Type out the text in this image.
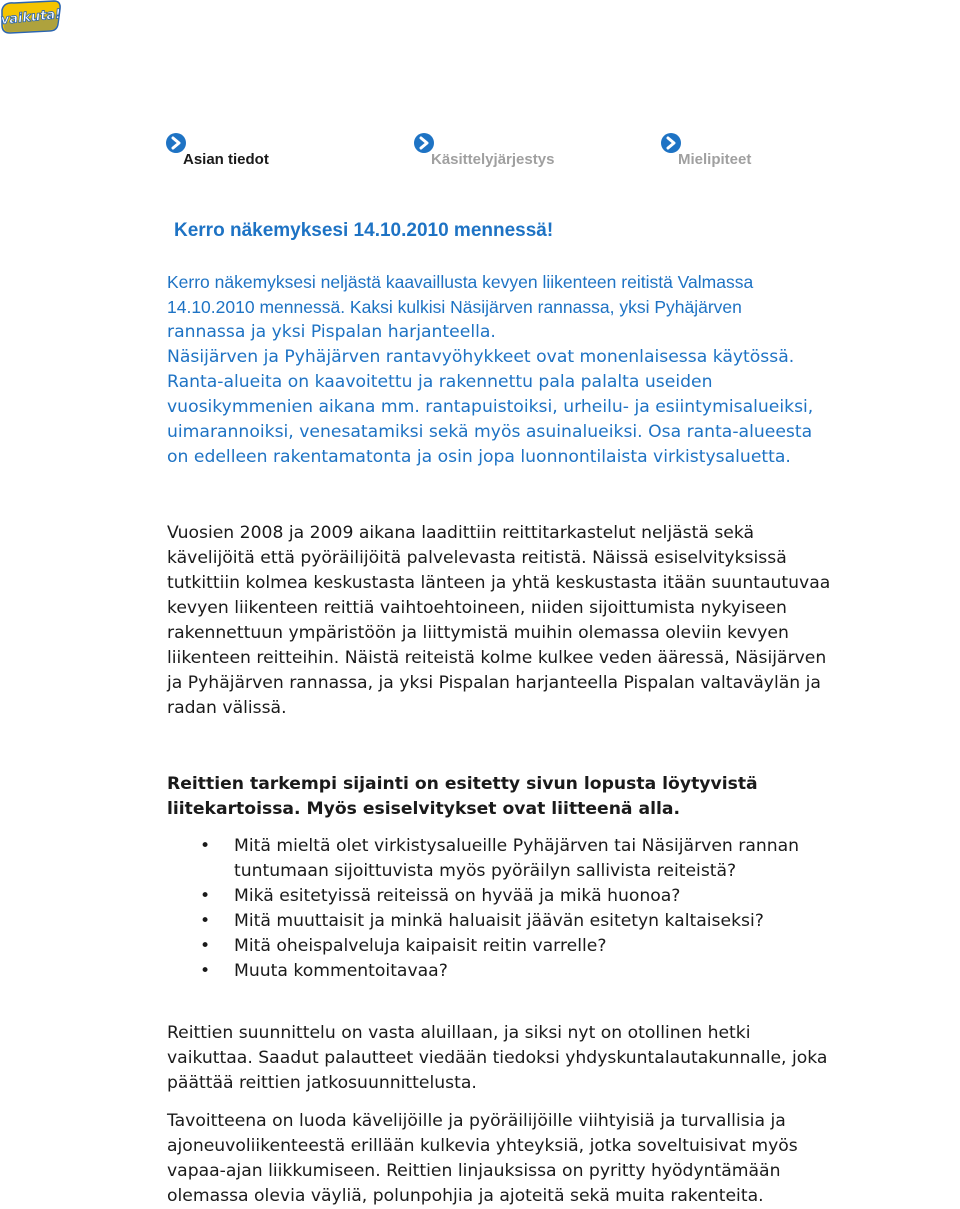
vaikuta!
Asian tiedot	Käsittelyjärjestys	Mielipiteet
Kerro näkemyksesi 14.10.2010 mennessä!
Kerro näkemyksesi neljästä kaavaillusta kevyen liikenteen reitistä Valmassa
14.10.2010 mennessä. Kaksi kulkisi Näsijärven rannassa, yksi Pyhäjärven
rannassa ja yksi Pispalan harjanteella.
Näsijärven ja Pyhäjärven rantavyöhykkeet ovat monenlaisessa käytössä.
Ranta-alueita on kaavoitettu ja rakennettu pala palalta useiden
vuosikymmenien aikana mm. rantapuistoiksi, urheilu- ja esiintymisalueiksi,
uimarannoiksi, venesatamiksi sekä myös asuinalueiksi. Osa ranta-alueesta
on edelleen rakentamatonta ja osin jopa luonnontilaista virkistysaluetta.
Vuosien 2008 ja 2009 aikana laadittiin reittitarkastelut neljästä sekä
kävelijöitä että pyöräilijöitä palvelevasta reitistä. Näissä esiselvityksissä
tutkittiin kolmea keskustasta länteen ja yhtä keskustasta itään suuntautuvaa
kevyen liikenteen reittiä vaihtoehtoineen, niiden sijoittumista nykyiseen
rakennettuun ympäristöön ja liittymistä muihin olemassa oleviin kevyen
liikenteen reitteihin. Näistä reiteistä kolme kulkee veden ääressä, Näsijärven
ja Pyhäjärven rannassa, ja yksi Pispalan harjanteella Pispalan valtaväylän ja
radan välissä.
Reittien tarkempi sijainti on esitetty sivun lopusta löytyvistä
liitekartoissa. Myös esiselvitykset ovat liitteenä alla.
• Mitä mieltä olet virkistysalueille Pyhäjärven tai Näsijärven rannan
tuntumaan sijoittuvista myös pyöräilyn sallivista reiteistä?
• Mikä esitetyissä reiteissä on hyvää ja mikä huonoa?
• Mitä muuttaisit ja minkä haluaisit jäävän esitetyn kaltaiseksi?
• Mitä oheispalveluja kaipaisit reitin varrelle?
• Muuta kommentoitavaa?
Reittien suunnittelu on vasta aluillaan, ja siksi nyt on otollinen hetki
vaikuttaa. Saadut palautteet viedään tiedoksi yhdyskuntalautakunnalle, joka
päättää reittien jatkosuunnittelusta.
Tavoitteena on luoda kävelijöille ja pyöräilijöille viihtyisiä ja turvallisia ja
ajoneuvoliikenteestä erillään kulkevia yhteyksiä, jotka soveltuisivat myös
vapaa-ajan liikkumiseen. Reittien linjauksissa on pyritty hyödyntämään
olemassa olevia väyliä, polunpohjia ja ajoteitä sekä muita rakenteita.
